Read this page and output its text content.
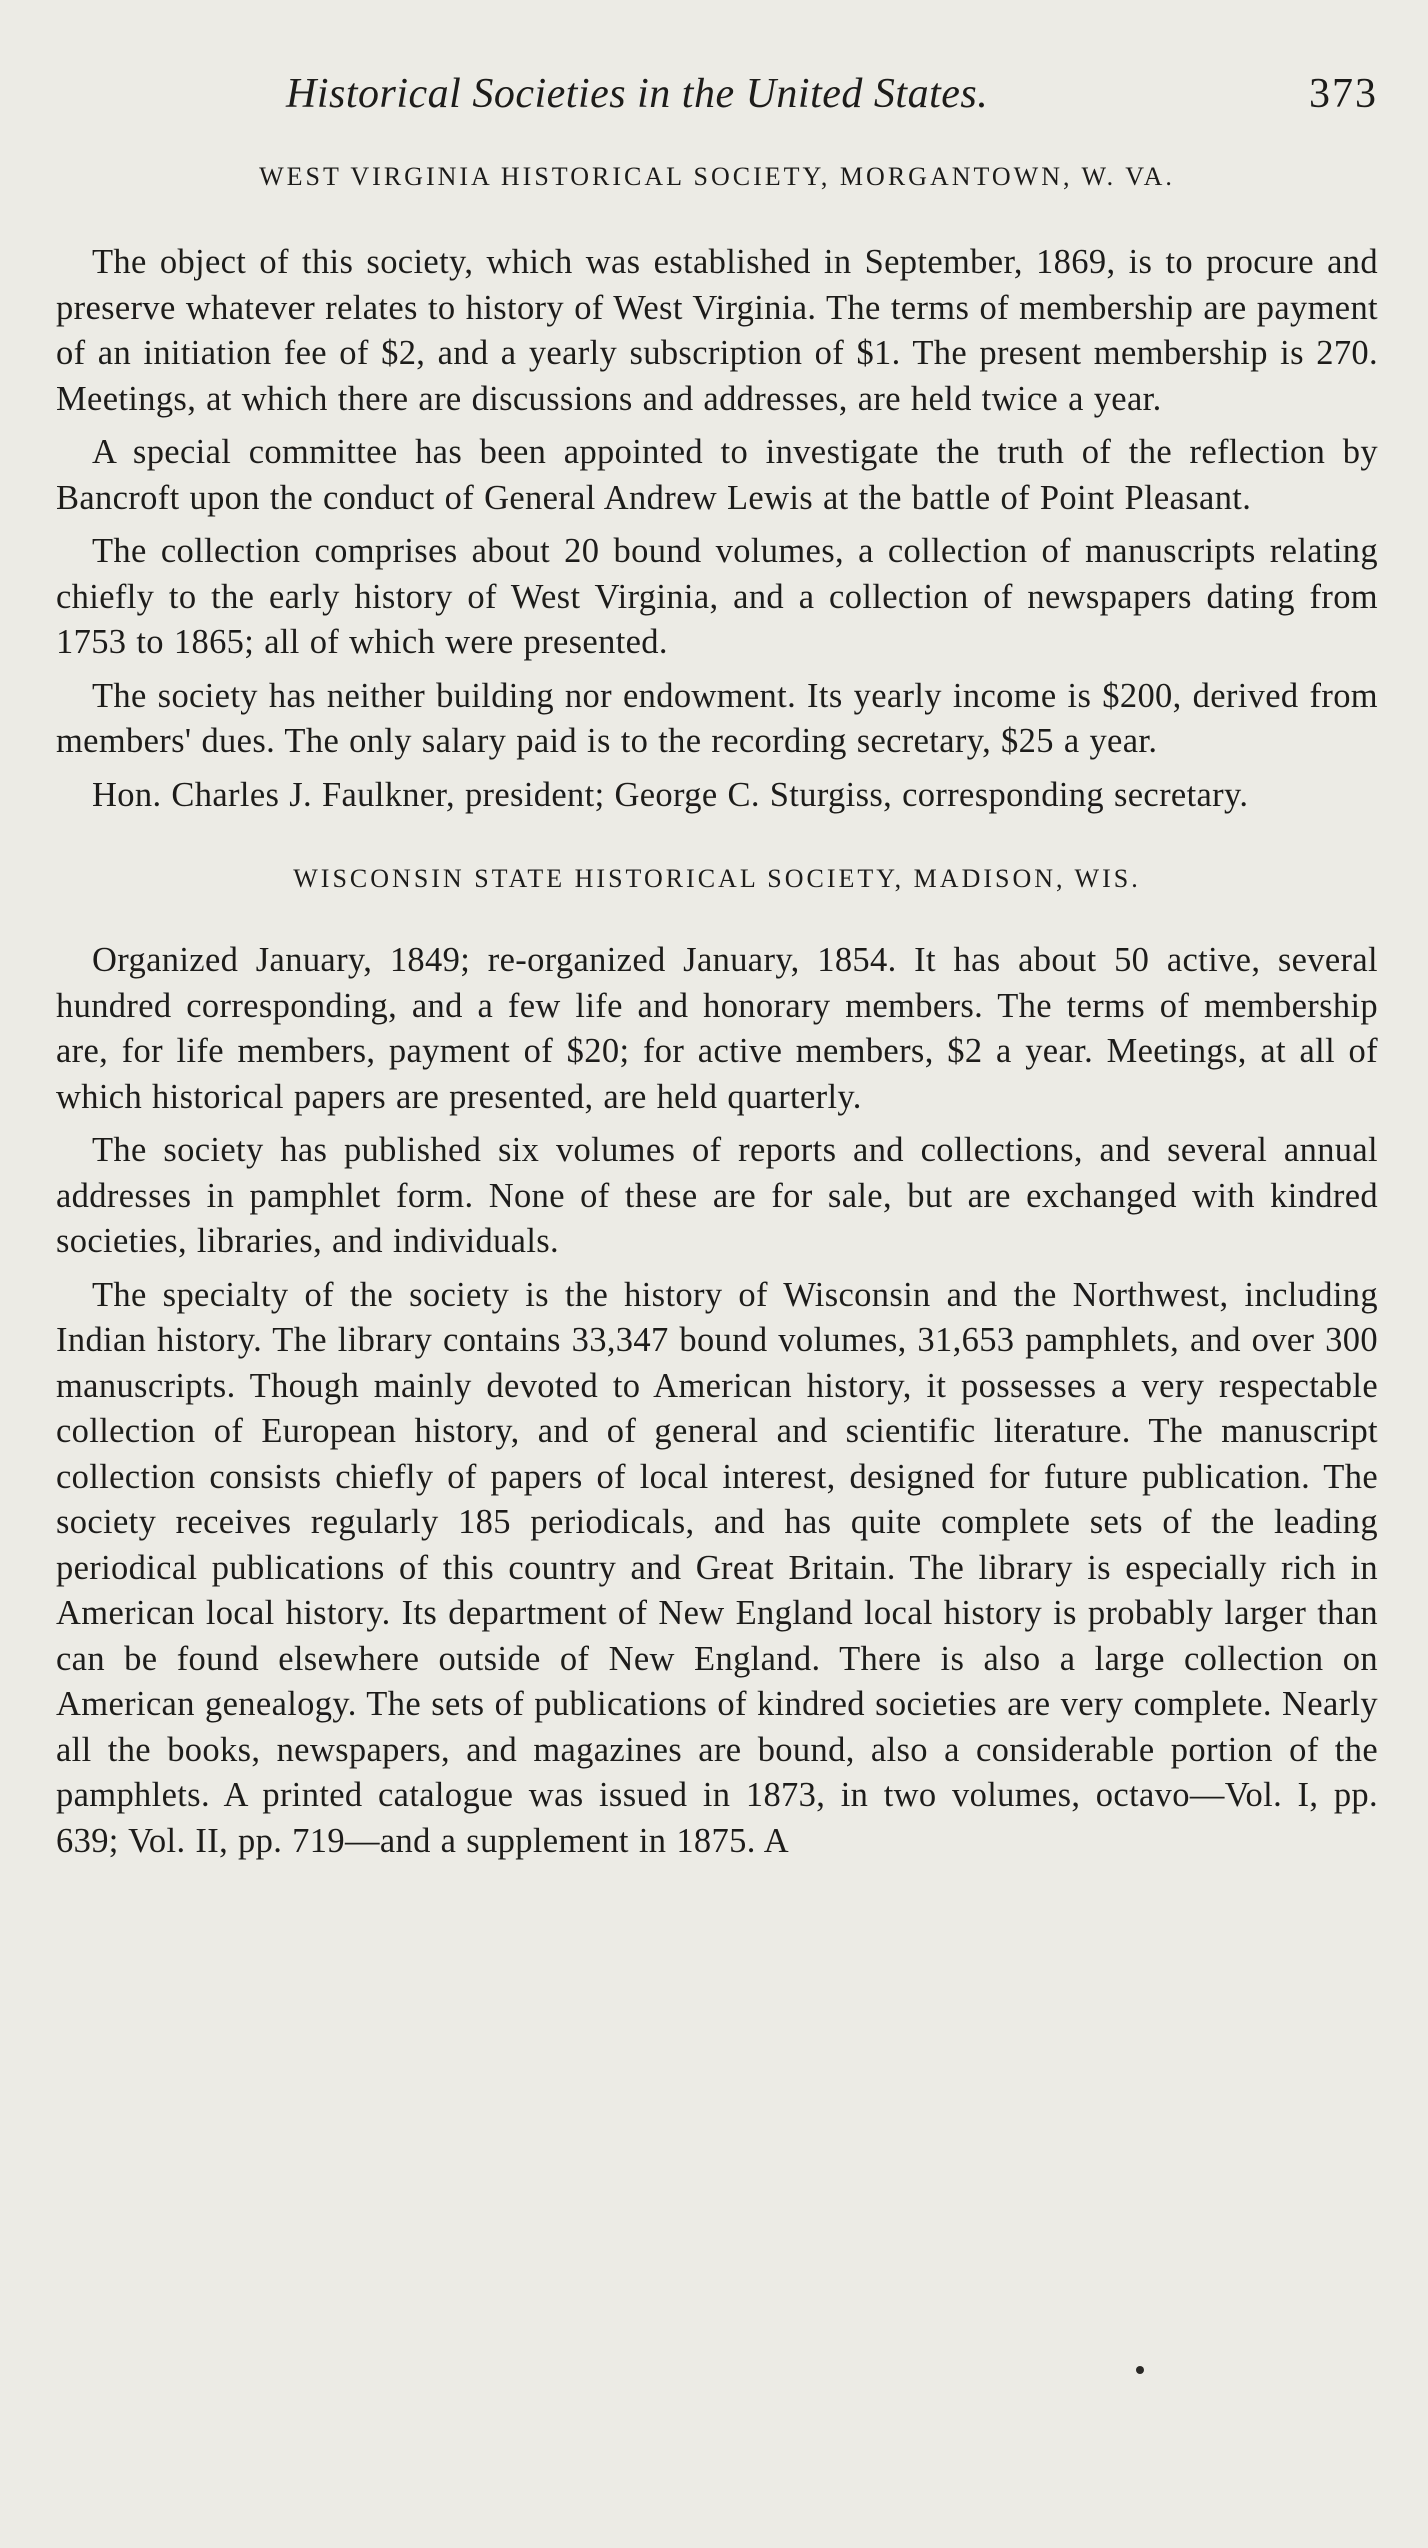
Historical Societies in the United States.	373
WEST VIRGINIA HISTORICAL SOCIETY, MORGANTOWN, W. VA.

The object of this society, which was established in September, 1869, is to procure and preserve whatever relates to history of West Virginia. The terms of membership are payment of an initiation fee of $2, and a yearly subscription of $1. The present membership is 270. Meetings, at which there are discussions and addresses, are held twice a year.

A special committee has been appointed to investigate the truth of the reflection by Bancroft upon the conduct of General Andrew Lewis at the battle of Point Pleasant.

The collection comprises about 20 bound volumes, a collection of manuscripts relating chiefly to the early history of West Virginia, and a collection of newspapers dating from 1753 to 1865; all of which were presented.

The society has neither building nor endowment. Its yearly income is $200, derived from members' dues. The only salary paid is to the recording secretary, $25 a year.

Hon. Charles J. Faulkner, president; George C. Sturgiss, corresponding secretary.

WISCONSIN STATE HISTORICAL SOCIETY, MADISON, WIS.

Organized January, 1849; re-organized January, 1854. It has about 50 active, several hundred corresponding, and a few life and honorary members. The terms of membership are, for life members, payment of $20; for active members, $2 a year. Meetings, at all of which historical papers are presented, are held quarterly.

The society has published six volumes of reports and collections, and several annual addresses in pamphlet form. None of these are for sale, but are exchanged with kindred societies, libraries, and individuals.

The specialty of the society is the history of Wisconsin and the Northwest, including Indian history. The library contains 33,347 bound volumes, 31,653 pamphlets, and over 300 manuscripts. Though mainly devoted to American history, it possesses a very respectable collection of European history, and of general and scientific literature. The manuscript collection consists chiefly of papers of local interest, designed for future publication. The society receives regularly 185 periodicals, and has quite complete sets of the leading periodical publications of this country and Great Britain. The library is especially rich in American local history. Its department of New England local history is probably larger than can be found elsewhere outside of New England. There is also a large collection on American genealogy. The sets of publications of kindred societies are very complete. Nearly all the books, newspapers, and magazines are bound, also a considerable portion of the pamphlets. A printed catalogue was issued in 1873, in two volumes, octavo—Vol. I, pp. 639; Vol. II, pp. 719—and a supplement in 1875. A
